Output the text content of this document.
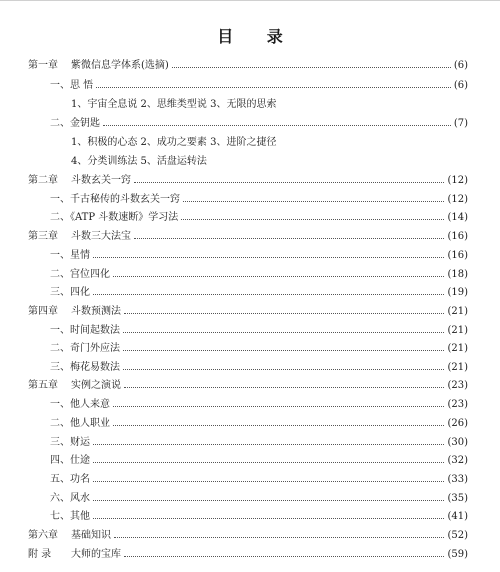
目 录
第一章 紫微信息学体系(选摘)	(6)
一、思 悟	(6)
1、宇宙全息说 2、思维类型说 3、无限的思索
二、金钥匙	(7)
1、积极的心态 2、成功之要素 3、进阶之捷径
4、分类训练法 5、活盘运转法
第二章 斗数玄关一窍	(12)
一、千古秘传的斗数玄关一窍	(12)
二、《ATP 斗数速断》学习法	(14)
第三章 斗数三大法宝	(16)
一、星情	(16)
二、宫位四化	(18)
三、四化	(19)
第四章 斗数预测法	(21)
一、时间起数法	(21)
二、奇门外应法	(21)
三、梅花易数法	(21)
第五章 实例之演说	(23)
一、他人来意	(23)
二、他人职业	(26)
三、财运	(30)
四、仕途	(32)
五、功名	(33)
六、风水	(35)
七、其他	(41)
第六章 基础知识	(52)
附 录 大师的宝库	(59)
